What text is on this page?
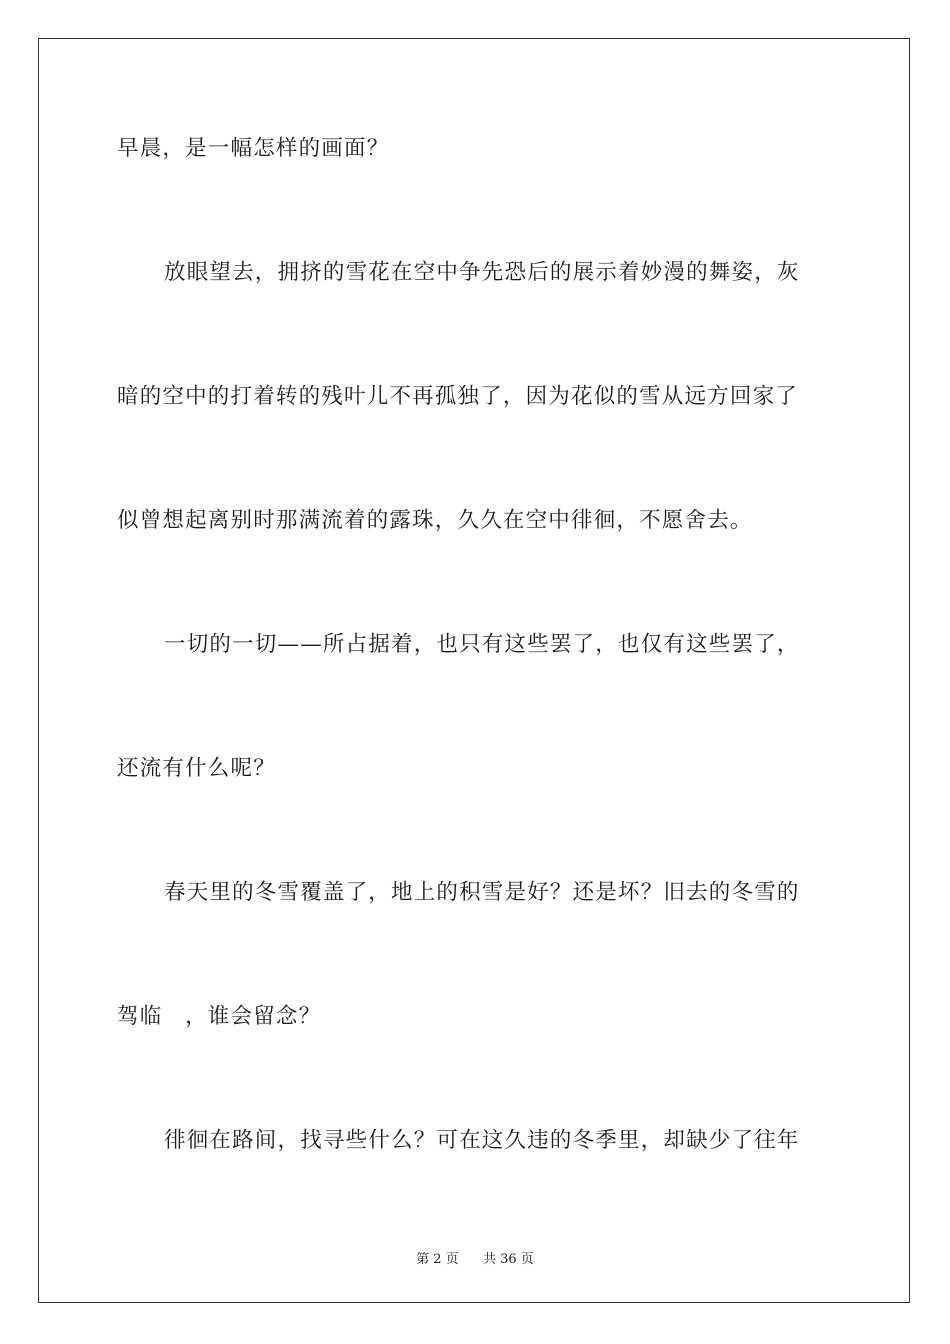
早晨，是一幅怎样的画面？
放眼望去，拥挤的雪花在空中争先恐后的展示着妙漫的舞姿，灰
暗的空中的打着转的残叶儿不再孤独了，因为花似的雪从远方回家了
似曾想起离别时那满流着的露珠，久久在空中徘徊，不愿舍去。
一切的一切——所占据着，也只有这些罢了，也仅有这些罢了，
还流有什么呢？
春天里的冬雪覆盖了，地上的积雪是好？还是坏？旧去的冬雪的
驾临　，谁会留念？
徘徊在路间，找寻些什么？可在这久违的冬季里，却缺少了往年
第 2 页 共 36 页
